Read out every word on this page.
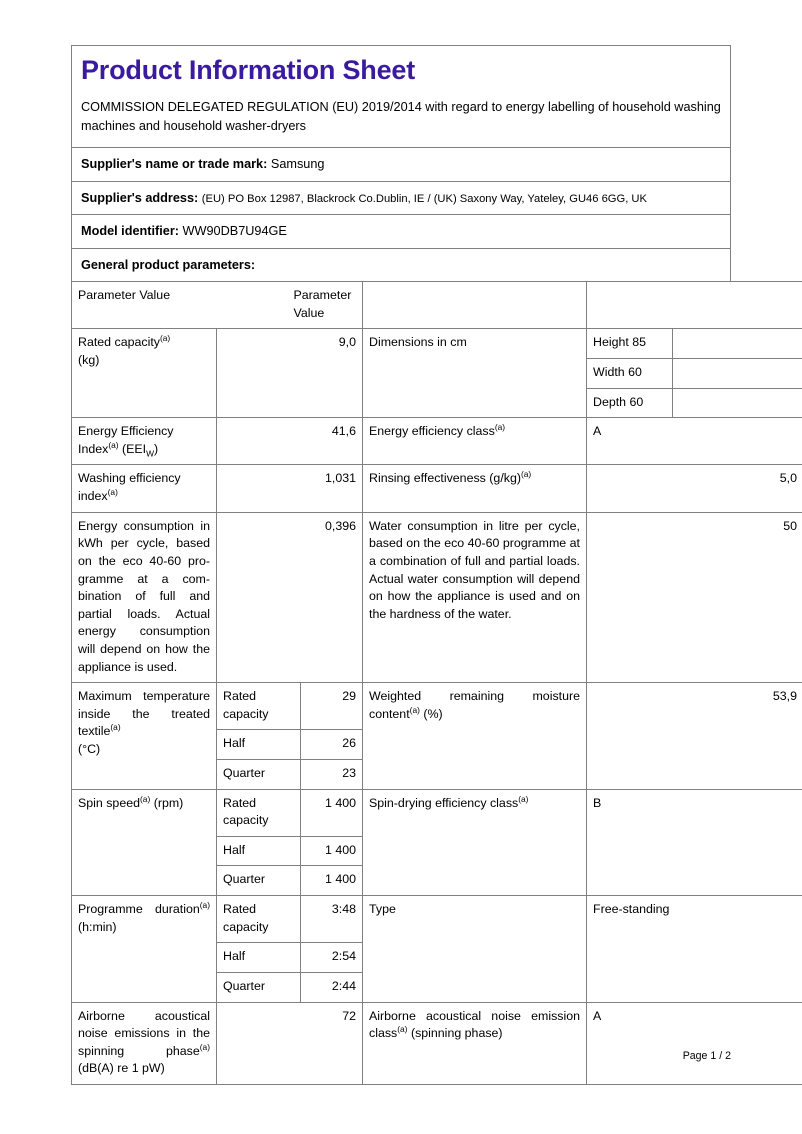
Product Information Sheet
COMMISSION DELEGATED REGULATION (EU) 2019/2014 with regard to energy labelling of household washing machines and household washer-dryers
Supplier's name or trade mark: Samsung
Supplier's address: (EU) PO Box 12987, Blackrock Co.Dublin, IE / (UK) Saxony Way, Yateley, GU46 6GG, UK
Model identifier: WW90DB7U94GE
General product parameters:
Parameter Value	Parameter Value		
Rated capacity$^{(a)}$
(kg)	9,0	Dimensions in cm		Height 85	
Width 60	
Depth 60	

Energy Efficiency
Index$^{(a)}$ $(EEI_W)$	41,6	Energy efficiency class$^{(a)}$	A
Washing efficiency
index$^{(a)}$	1,031	Rinsing effectiveness $(g/kg)^{(a)}$	5,0
Energy consumption in kWh per cycle, based on the eco 40-60 programme at a combination of full and partial loads. Actual energy consumption will depend on how the appliance is used.	0,396	Water consumption in litre per cycle, based on the eco 40-60 programme at a combination of full and partial loads. Actual water consumption will depend on how the appliance is used and on the hardness of the water.	50
Maximum temperature inside the treated textile$^{(a)}$
(°C)	
Rated capacity	29
Half	26
Quarter	23
	Weighted remaining moisture content$^{(a)}$ (%)	53,9
Spin speed$^{(a)}$ (rpm)		Rated capacity	1 400
Half	1 400
Quarter	1 400
	Spin-drying efficiency class$^{(a)}$	B
Programme duration$^{(a)}$ (h:min)	
Rated capacity	3:48
Half	2:54
Quarter	2:44
	Type	Free-standing
Airborne acoustical noise emissions in the spinning phase$^{(a)}$ (dB(A) re 1 pW)	72	Airborne acoustical noise emission class$^{(a)}$ (spinning phase)	A
Page 1 / 2
